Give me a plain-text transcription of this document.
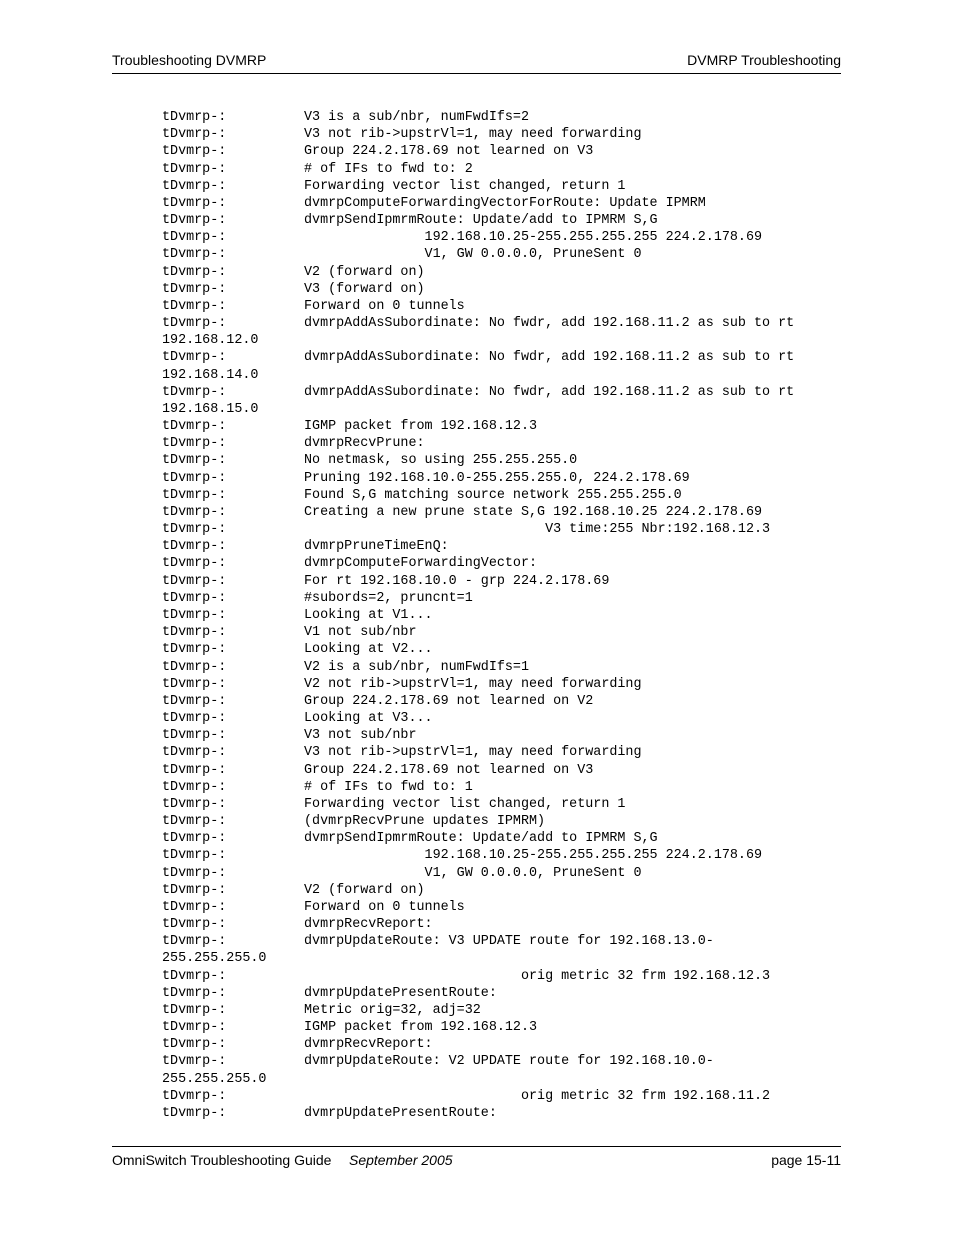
Troubleshooting DVMRP	DVMRP Troubleshooting
tDvmrp-:	V3 is a sub/nbr, numFwdIfs=2
tDvmrp-:	V3 not rib->upstrVl=1, may need forwarding
tDvmrp-:	Group 224.2.178.69 not learned on V3
tDvmrp-:	# of IFs to fwd to: 2
tDvmrp-:	Forwarding vector list changed, return 1
tDvmrp-:	dvmrpComputeForwardingVectorForRoute: Update IPMRM
tDvmrp-:	dvmrpSendIpmrmRoute: Update/add to IPMRM S,G
tDvmrp-:	192.168.10.25-255.255.255.255 224.2.178.69
tDvmrp-:	V1, GW 0.0.0.0, PruneSent 0
tDvmrp-:	V2 (forward on)
tDvmrp-:	V3 (forward on)
tDvmrp-:	Forward on 0 tunnels
tDvmrp-:	dvmrpAddAsSubordinate: No fwdr, add 192.168.11.2 as sub to rt
192.168.12.0
tDvmrp-:	dvmrpAddAsSubordinate: No fwdr, add 192.168.11.2 as sub to rt
192.168.14.0
tDvmrp-:	dvmrpAddAsSubordinate: No fwdr, add 192.168.11.2 as sub to rt
192.168.15.0
tDvmrp-:	IGMP packet from 192.168.12.3
tDvmrp-:	dvmrpRecvPrune:
tDvmrp-:	No netmask, so using 255.255.255.0
tDvmrp-:	Pruning 192.168.10.0-255.255.255.0, 224.2.178.69
tDvmrp-:	Found S,G matching source network 255.255.255.0
tDvmrp-:	Creating a new prune state S,G 192.168.10.25 224.2.178.69
tDvmrp-:	V3 time:255 Nbr:192.168.12.3
tDvmrp-:	dvmrpPruneTimeEnQ:
tDvmrp-:	dvmrpComputeForwardingVector:
tDvmrp-:	For rt 192.168.10.0 - grp 224.2.178.69
tDvmrp-:	#subords=2, pruncnt=1
tDvmrp-:	Looking at V1...
tDvmrp-:	V1 not sub/nbr
tDvmrp-:	Looking at V2...
tDvmrp-:	V2 is a sub/nbr, numFwdIfs=1
tDvmrp-:	V2 not rib->upstrVl=1, may need forwarding
tDvmrp-:	Group 224.2.178.69 not learned on V2
tDvmrp-:	Looking at V3...
tDvmrp-:	V3 not sub/nbr
tDvmrp-:	V3 not rib->upstrVl=1, may need forwarding
tDvmrp-:	Group 224.2.178.69 not learned on V3
tDvmrp-:	# of IFs to fwd to: 1
tDvmrp-:	Forwarding vector list changed, return 1
tDvmrp-:	(dvmrpRecvPrune updates IPMRM)
tDvmrp-:	dvmrpSendIpmrmRoute: Update/add to IPMRM S,G
tDvmrp-:	192.168.10.25-255.255.255.255 224.2.178.69
tDvmrp-:	V1, GW 0.0.0.0, PruneSent 0
tDvmrp-:	V2 (forward on)
tDvmrp-:	Forward on 0 tunnels
tDvmrp-:	dvmrpRecvReport:
tDvmrp-:	dvmrpUpdateRoute: V3 UPDATE route for 192.168.13.0-
255.255.255.0
tDvmrp-:	orig metric 32 frm 192.168.12.3
tDvmrp-:	dvmrpUpdatePresentRoute:
tDvmrp-:	Metric orig=32, adj=32
tDvmrp-:	IGMP packet from 192.168.12.3
tDvmrp-:	dvmrpRecvReport:
tDvmrp-:	dvmrpUpdateRoute: V2 UPDATE route for 192.168.10.0-
255.255.255.0
tDvmrp-:	orig metric 32 frm 192.168.11.2
tDvmrp-:	dvmrpUpdatePresentRoute:
OmniSwitch Troubleshooting Guide September 2005	page 15-11
